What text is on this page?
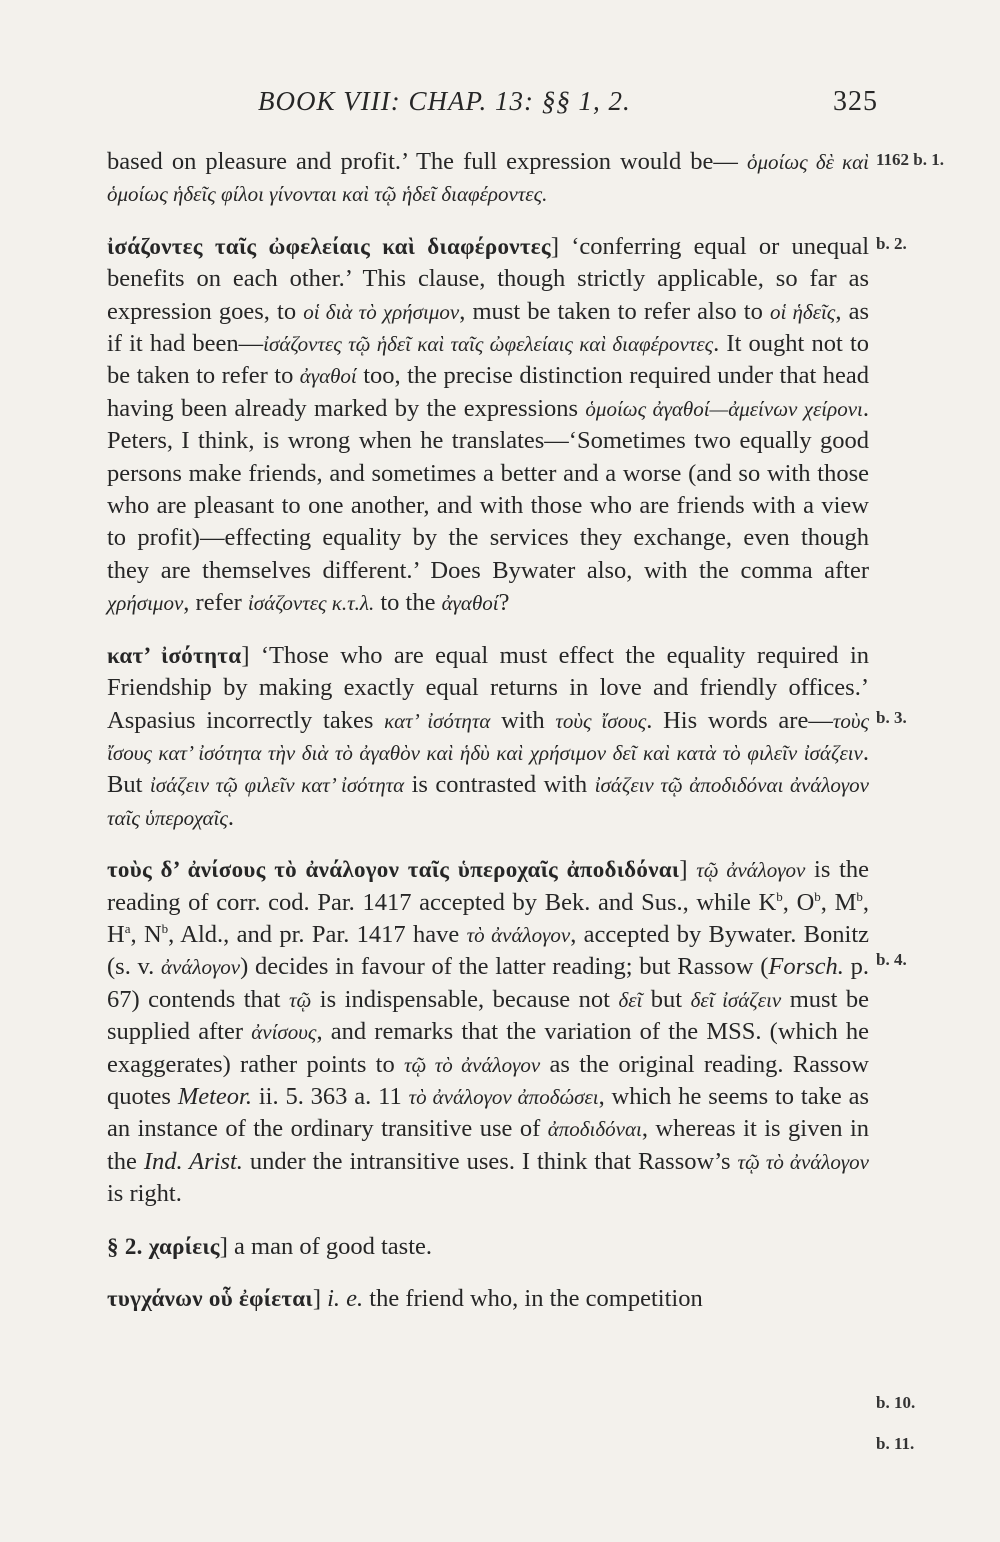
BOOK VIII: CHAP. 13: §§ 1, 2.	325
1162 b. 1.
b. 2.
b. 3.
b. 4.
b. 10.
b. 11.

based on pleasure and profit.’ The full expression would be— ὁμοίως δὲ καὶ ὁμοίως ἡδεῖς φίλοι γίνονται καὶ τῷ ἡδεῖ διαφέροντες.

ἰσάζοντες ταῖς ὠφελείαις καὶ διαφέροντες] ‘conferring equal or unequal benefits on each other.’ This clause, though strictly applicable, so far as expression goes, to οἱ διὰ τὸ χρήσιμον, must be taken to refer also to οἱ ἡδεῖς, as if it had been—ἰσάζοντες τῷ ἡδεῖ καὶ ταῖς ὠφελείαις καὶ διαφέροντες. It ought not to be taken to refer to ἀγαθοί too, the precise distinction required under that head having been already marked by the expressions ὁμοίως ἀγαθοί—ἀμείνων χείρονι. Peters, I think, is wrong when he translates—‘Sometimes two equally good persons make friends, and sometimes a better and a worse (and so with those who are pleasant to one another, and with those who are friends with a view to profit)—effecting equality by the services they exchange, even though they are themselves different.’ Does Bywater also, with the comma after χρήσιμον, refer ἰσάζοντες κ.τ.λ. to the ἀγαθοί?

κατ’ ἰσότητα] ‘Those who are equal must effect the equality required in Friendship by making exactly equal returns in love and friendly offices.’ Aspasius incorrectly takes κατ’ ἰσότητα with τοὺς ἴσους. His words are—τοὺς ἴσους κατ’ ἰσότητα τὴν διὰ τὸ ἀγαθὸν καὶ ἡδὺ καὶ χρήσιμον δεῖ καὶ κατὰ τὸ φιλεῖν ἰσάζειν. But ἰσάζειν τῷ φιλεῖν κατ’ ἰσότητα is contrasted with ἰσάζειν τῷ ἀποδιδόναι ἀνάλογον ταῖς ὑπεροχαῖς.

τοὺς δ’ ἀνίσους τὸ ἀνάλογον ταῖς ὑπεροχαῖς ἀποδιδόναι] τῷ ἀνάλογον is the reading of corr. cod. Par. 1417 accepted by Bek. and Sus., while $K^b$, $O^b$, $M^b$, $H^a$, $N^b$, Ald., and pr. Par. 1417 have τὸ ἀνάλογον, accepted by Bywater. Bonitz (s. v. ἀνάλογον) decides in favour of the latter reading; but Rassow (Forsch. p. 67) contends that τῷ is indispensable, because not δεῖ but δεῖ ἰσάζειν must be supplied after ἀνίσους, and remarks that the variation of the MSS. (which he exaggerates) rather points to τῷ τὸ ἀνάλογον as the original reading. Rassow quotes Meteor. ii. 5. 363 a. 11 τὸ ἀνάλογον ἀποδώσει, which he seems to take as an instance of the ordinary transitive use of ἀποδιδόναι, whereas it is given in the Ind. Arist. under the intransitive uses. I think that Rassow’s τῷ τὸ ἀνάλογον is right.

§ 2. χαρίεις] a man of good taste.

τυγχάνων οὗ ἐφίεται] i. e. the friend who, in the competition
